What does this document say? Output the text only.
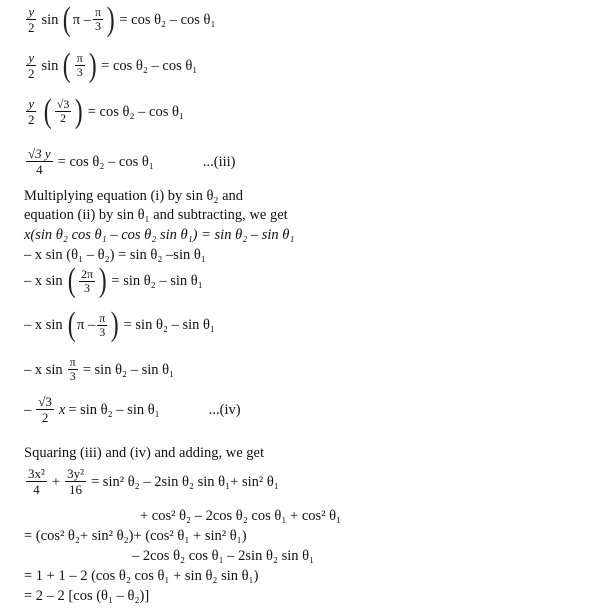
$\frac{y}{2}$ sin ( π – $\frac{\pi}{3}$ ) = cos θ₂ – cos θ₁
$\frac{y}{2}$ sin ( $\frac{\pi}{3}$ ) = cos θ₂ – cos θ₁
$\frac{y}{2}$ ( $\frac{√3}{2}$ ) = cos θ₂ – cos θ₁
$\frac{√3 y}{4} = \cos \theta_2 - \cos \theta_1$	...(iii)
Multiplying equation (i) by sin θ₂ and
equation (ii) by sin θ₁ and subtracting, we get
x(sin θ₂ cos θ₁ – cos θ₂ sin θ₁) = sin θ₂ – sin θ₁
– x sin (θ₁ – θ₂) = sin θ₂ –sin θ₁
– x sin ( $\frac{2\pi}{3}$ ) = sin θ₂ – sin θ₁
– x sin ( π – $\frac{\pi}{3}$ ) = sin θ₂ – sin θ₁
– x $\sin \frac{\pi}{3} = \sin \theta_2 - \sin \theta_1$
– $\frac{√3}{2}$ x = sin θ₂ – sin θ₁	...(iv)
Squaring (iii) and (iv) and adding, we get
$\frac{\text{3x²}}{4} + \frac{\text{3y²}}{16} = \sin^2$ θ₂ – 2sin θ₂ sin θ₁+ sin² θ₁
+ cos² θ₂ – 2cos θ₂ cos θ₁ + cos² θ₁
= (cos² θ₂+ sin² θ₂)+ (cos² θ₁ + sin² θ₁)
– 2cos θ₂ cos θ₁ – 2sin θ₂ sin θ₁
= 1 + 1 – 2 (cos θ₂ cos θ₁ + sin θ₂ sin θ₁)
= 2 – 2 [cos (θ₁ – θ₂)]
